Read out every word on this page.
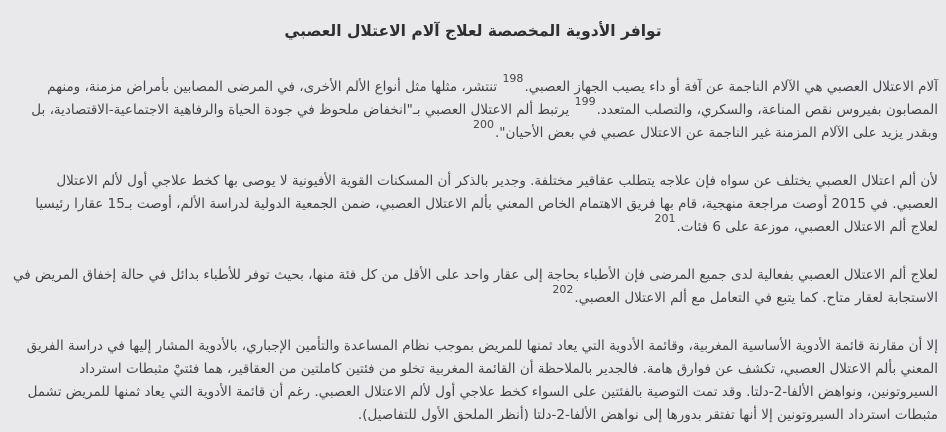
توافر الأدوية المخصصة لعلاج آلام الاعتلال العصبي

آلام الاعتلال العصبي هي الآلام الناجمة عن آفة أو داء يصيب الجهاز العصبي.$^{198}$ تنتشر، مثلها مثل أنواع الألم الأخرى، في المرضى المصابين بأمراض مزمنة، ومنهم المصابون بفيروس نقص المناعة، والسكري، والتصلب المتعدد.$^{199}$ يرتبط ألم الاعتلال العصبي بـ"انخفاض ملحوظ في جودة الحياة والرفاهية الاجتماعية-الاقتصادية، بل وبقدر يزيد على الآلام المزمنة غير الناجمة عن الاعتلال عصبي في بعض الأحيان".$^{200}$

لأن ألم اعتلال العصبي يختلف عن سواه فإن علاجه يتطلب عقاقير مختلفة. وجدير بالذكر أن المسكنات القوية الأفيونية لا يوصى بها كخط علاجي أول لألم الاعتلال العصبي. في 2015 أوصت مراجعة منهجية، قام بها فريق الاهتمام الخاص المعني بألم الاعتلال العصبي، ضمن الجمعية الدولية لدراسة الألم، أوصت بـ15 عقارا رئيسيا لعلاج ألم الاعتلال العصبي، موزعة على 6 فئات.$^{201}$

لعلاج ألم الاعتلال العصبي بفعالية لدى جميع المرضى فإن الأطباء بحاجة إلى عقار واحد على الأقل من كل فئة منها، بحيث توفر للأطباء بدائل في حالة إخفاق المريض في الاستجابة لعقار متاح. كما يتبع في التعامل مع ألم الاعتلال العصبي.$^{202}$

إلا أن مقارنة قائمة الأدوية الأساسية المغربية، وقائمة الأدوية التي يعاد ثمنها للمريض بموجب نظام المساعدة والتأمين الإجباري، بالأدوية المشار إليها في دراسة الفريق المعني بألم الاعتلال العصبي، تكشف عن فوارق هامة. فالجدير بالملاحظة أن القائمة المغربية تخلو من فئتين كاملتين من العقاقير، هما فئتيْ مثبطات استرداد السيروتونين، ونواهض الألفا-2-دلتا. وقد تمت التوصية بالفئتين على السواء كخط علاجي أول لألم الاعتلال العصبي. رغم أن قائمة الأدوية التي يعاد ثمنها للمريض تشمل مثبطات استرداد السيروتونين إلا أنها تفتقر بدورها إلى نواهض الألفا-2-دلتا (أنظر الملحق الأول للتفاصيل).
